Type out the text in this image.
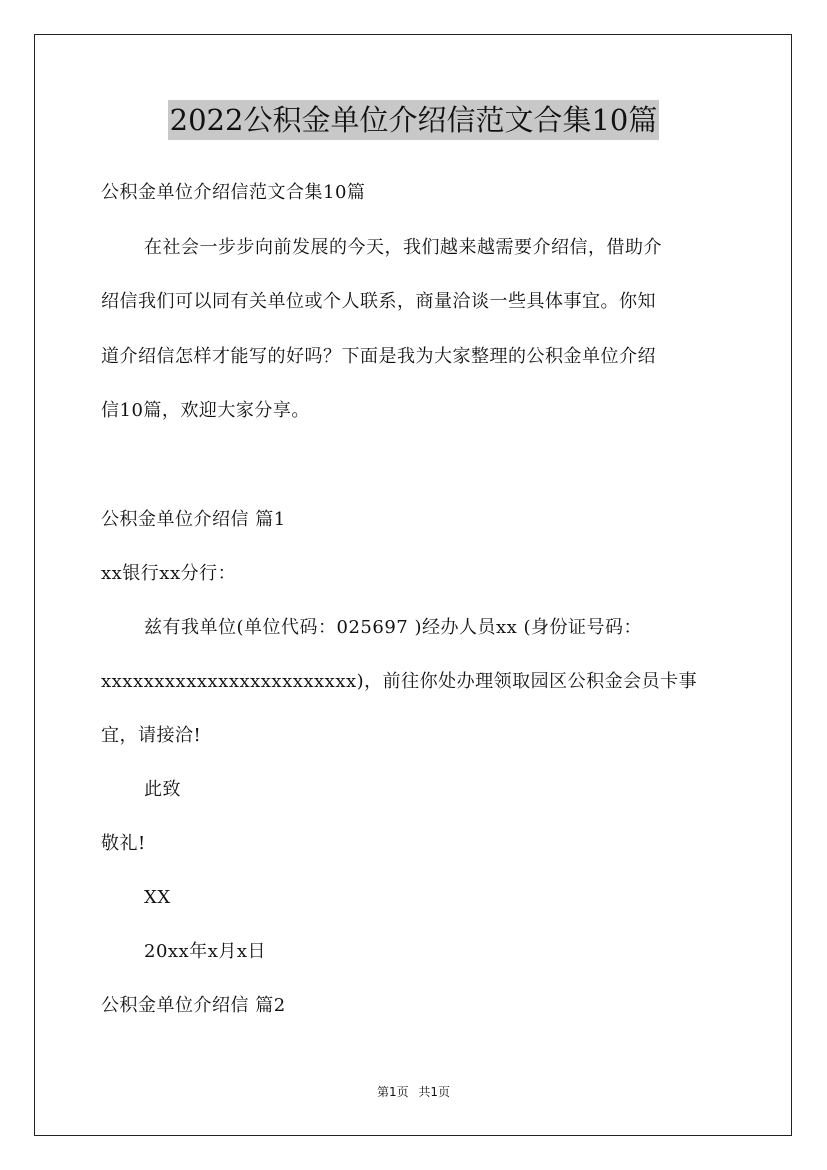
2022公积金单位介绍信范文合集10篇
公积金单位介绍信范文合集10篇
在社会一步步向前发展的今天，我们越来越需要介绍信，借助介
绍信我们可以同有关单位或个人联系，商量洽谈一些具体事宜。你知
道介绍信怎样才能写的好吗？下面是我为大家整理的公积金单位介绍
信10篇，欢迎大家分享。
公积金单位介绍信 篇1
xx银行xx分行：
兹有我单位(单位代码：025697 )经办人员xx (身份证号码：
xxxxxxxxxxxxxxxxxxxxxxxx)，前往你处办理领取园区公积金会员卡事
宜，请接洽!
此致
敬礼!
XX
20xx年x月x日
公积金单位介绍信 篇2
第1页 共1页
